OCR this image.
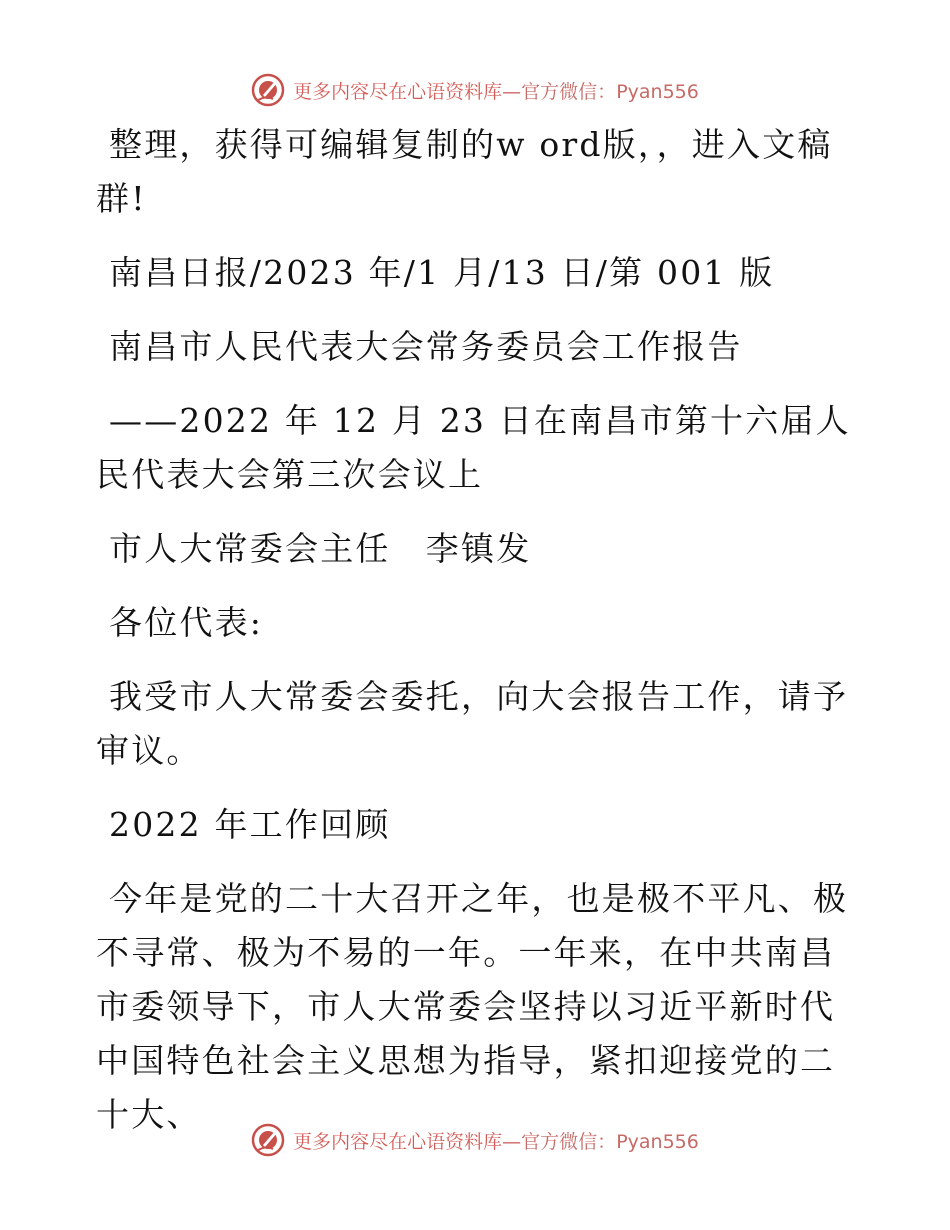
更多内容尽在心语资料库—官方微信：Pyan556

整理，获得可编辑复制的w ord版，，进入文稿群!

南昌日报/2023 年/1 月/13 日/第 001 版

南昌市人民代表大会常务委员会工作报告

——2022 年 12 月 23 日在南昌市第十六届人民代表大会第三次会议上

市人大常委会主任　李镇发

各位代表:

我受市人大常委会委托，向大会报告工作，请予审议。

2022 年工作回顾

今年是党的二十大召开之年，也是极不平凡、极不寻常、极为不易的一年。一年来，在中共南昌市委领导下，市人大常委会坚持以习近平新时代中国特色社会主义思想为指导，紧扣迎接党的二十大、

更多内容尽在心语资料库—官方微信：Pyan556
